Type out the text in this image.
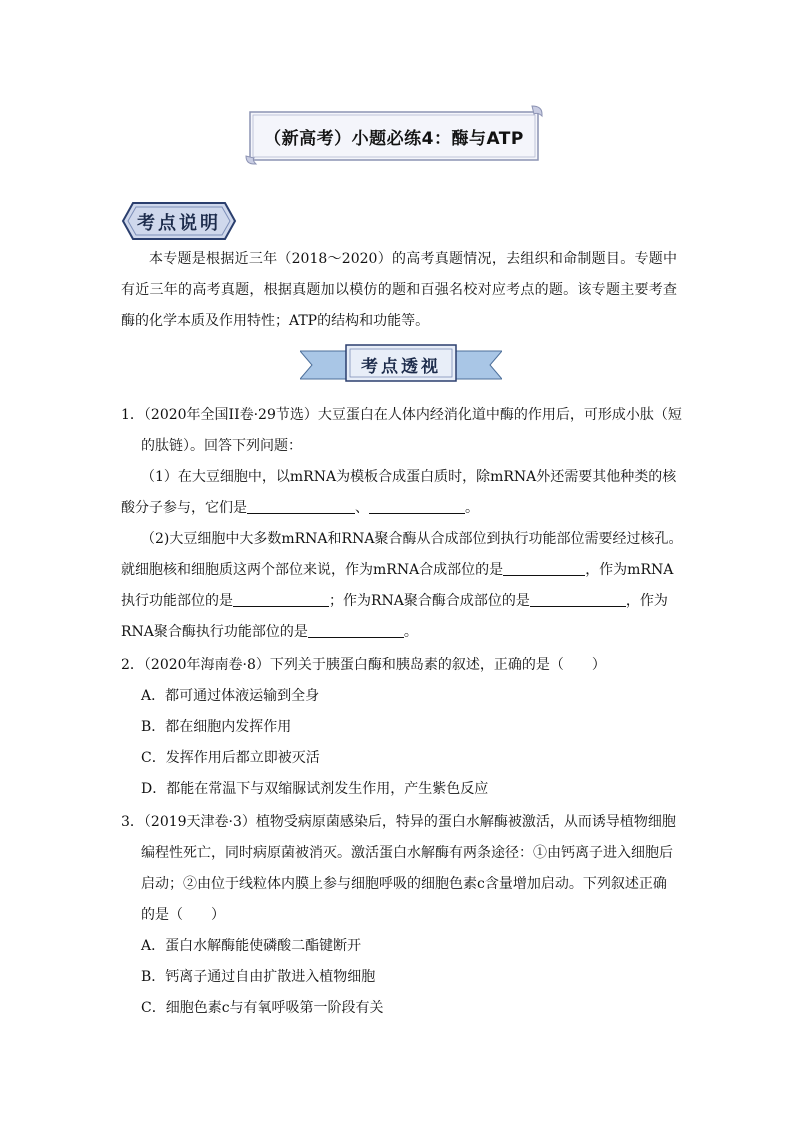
（新高考）小题必练4：酶与ATP
考点说明
本专题是根据近三年（2018～2020）的高考真题情况，去组织和命制题目。专题中有近三年的高考真题，根据真题加以模仿的题和百强名校对应考点的题。该专题主要考查酶的化学本质及作用特性；ATP的结构和功能等。
考点透视
1．（2020年全国II卷·29节选）大豆蛋白在人体内经消化道中酶的作用后，可形成小肽（短
的肽链）。回答下列问题：
（1）在大豆细胞中，以mRNA为模板合成蛋白质时，除mRNA外还需要其他种类的核
酸分子参与，它们是	、	。
（2)大豆细胞中大多数mRNA和RNA聚合酶从合成部位到执行功能部位需要经过核孔。
就细胞核和细胞质这两个部位来说，作为mRNA合成部位的是	，作为mRNA
执行功能部位的是	；作为RNA聚合酶合成部位的是	，作为
RNA聚合酶执行功能部位的是	。
2．（2020年海南卷·8）下列关于胰蛋白酶和胰岛素的叙述，正确的是（　　）
A．都可通过体液运输到全身
B．都在细胞内发挥作用
C．发挥作用后都立即被灭活
D．都能在常温下与双缩脲试剂发生作用，产生紫色反应
3．（2019天津卷·3）植物受病原菌感染后，特异的蛋白水解酶被激活，从而诱导植物细胞
编程性死亡，同时病原菌被消灭。激活蛋白水解酶有两条途径：①由钙离子进入细胞后
启动；②由位于线粒体内膜上参与细胞呼吸的细胞色素c含量增加启动。下列叙述正确
的是（　　）
A．蛋白水解酶能使磷酸二酯键断开
B．钙离子通过自由扩散进入植物细胞
C．细胞色素c与有氧呼吸第一阶段有关
